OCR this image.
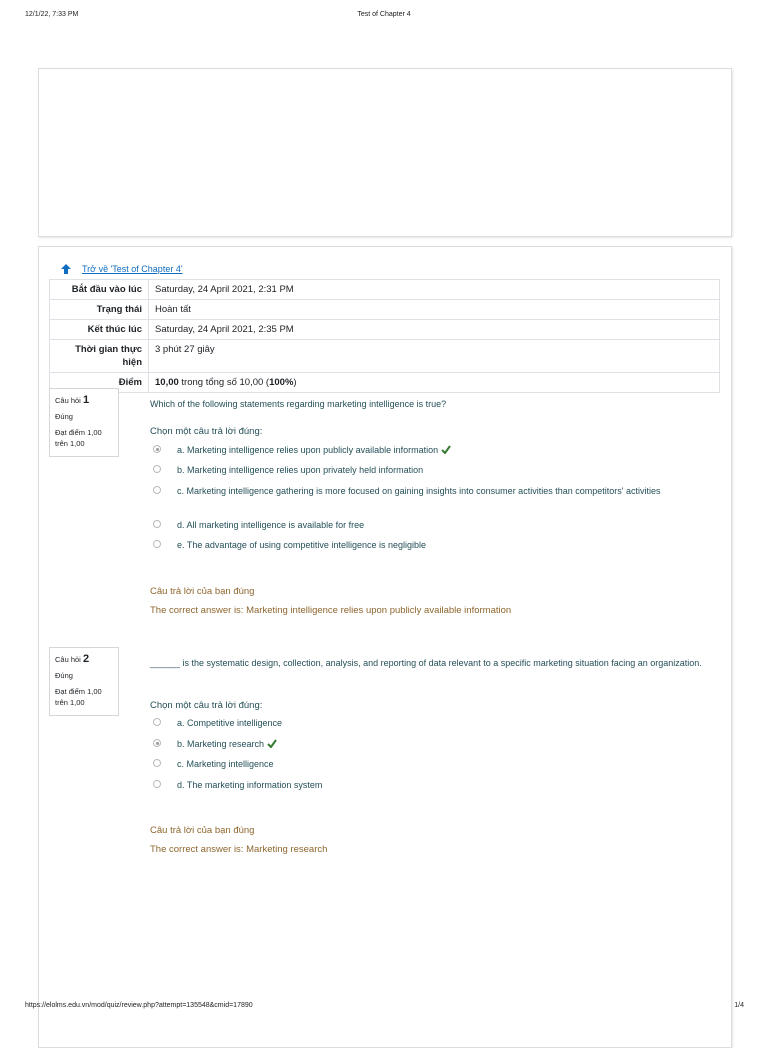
12/1/22, 7:33 PM	Test of Chapter 4
Trở về 'Test of Chapter 4'
Bắt đầu vào lúc	Saturday, 24 April 2021, 2:31 PM
Trạng thái	Hoàn tất
Kết thúc lúc	Saturday, 24 April 2021, 2:35 PM
Thời gian thực hiện	3 phút 27 giây
Điểm	10,00 trong tổng số 10,00 (100%)
Câu hỏi 1
Đúng
Đạt điểm 1,00 trên 1,00
Which of the following statements regarding marketing intelligence is true?
Chọn một câu trả lời đúng:
a. Marketing intelligence relies upon publicly available information
b. Marketing intelligence relies upon privately held information
c. Marketing intelligence gathering is more focused on gaining insights into consumer activities than competitors' activities
d. All marketing intelligence is available for free
e. The advantage of using competitive intelligence is negligible
Câu trả lời của bạn đúng
The correct answer is: Marketing intelligence relies upon publicly available information
Câu hỏi 2
Đúng
Đạt điểm 1,00 trên 1,00
______ is the systematic design, collection, analysis, and reporting of data relevant to a specific marketing situation facing an organization.
Chọn một câu trả lời đúng:
a. Competitive intelligence
b. Marketing research
c. Marketing intelligence
d. The marketing information system
Câu trả lời của bạn đúng
The correct answer is: Marketing research
https://elolms.edu.vn/mod/quiz/review.php?attempt=135548&cmid=17890	1/4
